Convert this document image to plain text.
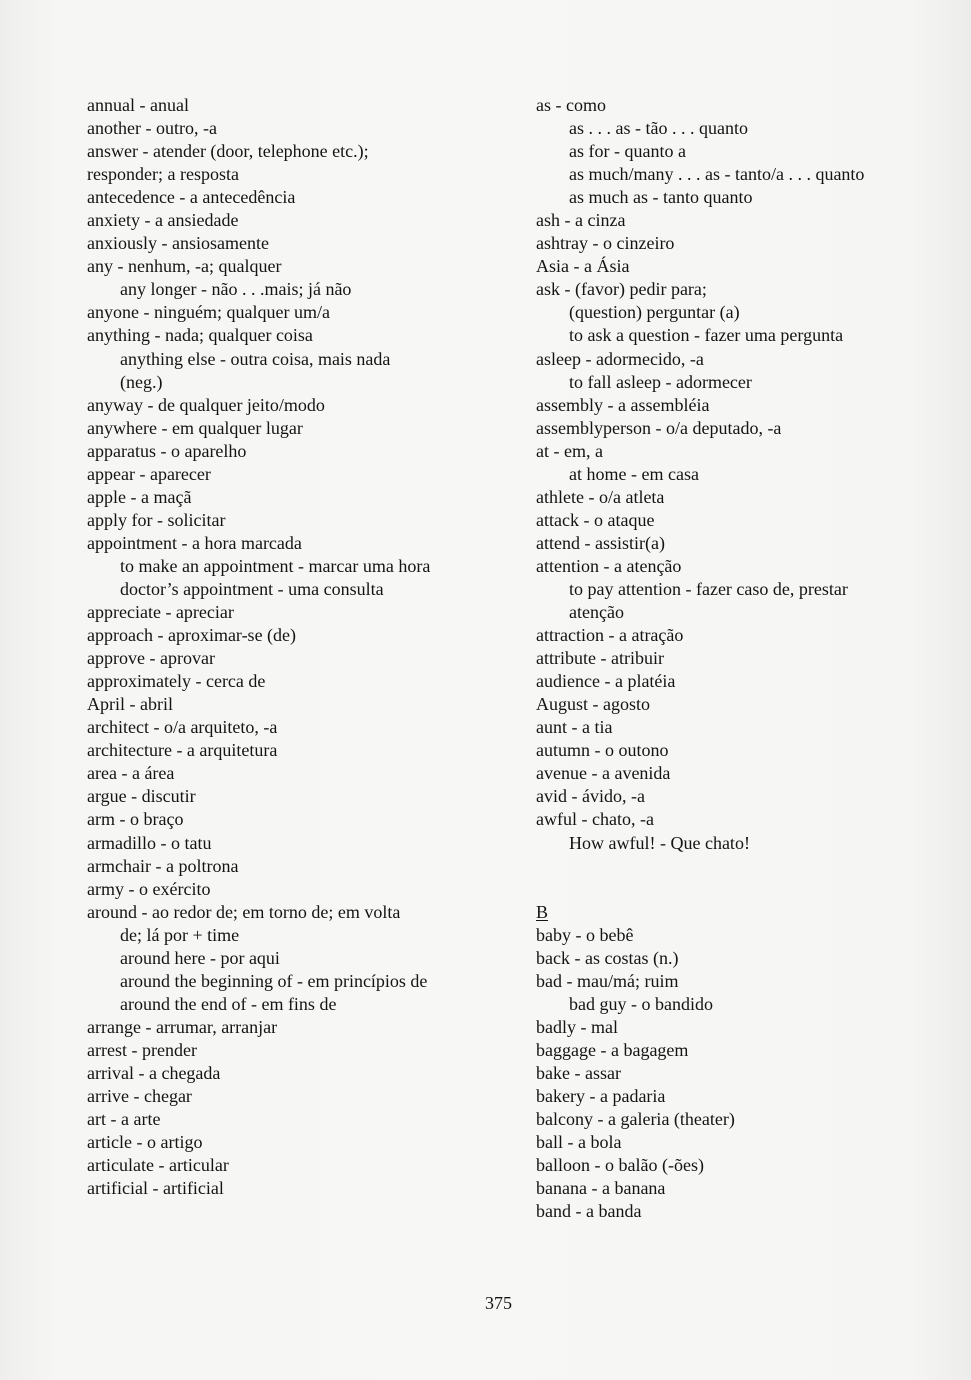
annual - anual
another - outro, -a
answer - atender (door, telephone etc.);
responder; a resposta
antecedence - a antecedência
anxiety - a ansiedade
anxiously - ansiosamente
any - nenhum, -a; qualquer
any longer - não . . .mais; já não
anyone - ninguém; qualquer um/a
anything - nada; qualquer coisa
anything else - outra coisa, mais nada
(neg.)
anyway - de qualquer jeito/modo
anywhere - em qualquer lugar
apparatus - o aparelho
appear - aparecer
apple - a maçã
apply for - solicitar
appointment - a hora marcada
to make an appointment - marcar uma hora
doctor’s appointment - uma consulta
appreciate - apreciar
approach - aproximar-se (de)
approve - aprovar
approximately - cerca de
April - abril
architect - o/a arquiteto, -a
architecture - a arquitetura
area - a área
argue - discutir
arm - o braço
armadillo - o tatu
armchair - a poltrona
army - o exército
around - ao redor de; em torno de; em volta
de; lá por + time
around here - por aqui
around the beginning of - em princípios de
around the end of - em fins de
arrange - arrumar, arranjar
arrest - prender
arrival - a chegada
arrive - chegar
art - a arte
article - o artigo
articulate - articular
artificial - artificial
as - como
as . . . as - tão . . . quanto
as for - quanto a
as much/many . . . as - tanto/a . . . quanto
as much as - tanto quanto
ash - a cinza
ashtray - o cinzeiro
Asia - a Ásia
ask - (favor) pedir para;
(question) perguntar (a)
to ask a question - fazer uma pergunta
asleep - adormecido, -a
to fall asleep - adormecer
assembly - a assembléia
assemblyperson - o/a deputado, -a
at - em, a
at home - em casa
athlete - o/a atleta
attack - o ataque
attend - assistir(a)
attention - a atenção
to pay attention - fazer caso de, prestar
atenção
attraction - a atração
attribute - atribuir
audience - a platéia
August - agosto
aunt - a tia
autumn - o outono
avenue - a avenida
avid - ávido, -a
awful - chato, -a
How awful! - Que chato!
B
baby - o bebê
back - as costas (n.)
bad - mau/má; ruim
bad guy - o bandido
badly - mal
baggage - a bagagem
bake - assar
bakery - a padaria
balcony - a galeria (theater)
ball - a bola
balloon - o balão (-ões)
banana - a banana
band - a banda
375
